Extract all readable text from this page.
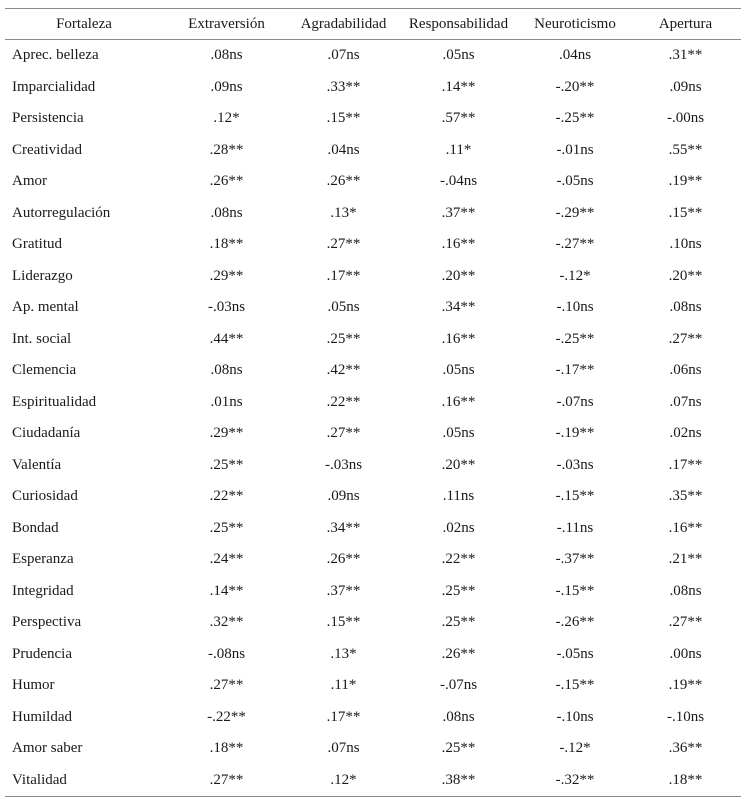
Fortaleza	Extraversión	Agradabilidad	Responsabilidad	Neuroticismo	Apertura
Aprec. belleza	.08ns	.07ns	.05ns	.04ns	.31**
Imparcialidad	.09ns	.33**	.14**	-.20**	.09ns
Persistencia	.12*	.15**	.57**	-.25**	-.00ns
Creatividad	.28**	.04ns	.11*	-.01ns	.55**
Amor	.26**	.26**	-.04ns	-.05ns	.19**
Autorregulación	.08ns	.13*	.37**	-.29**	.15**
Gratitud	.18**	.27**	.16**	-.27**	.10ns
Liderazgo	.29**	.17**	.20**	-.12*	.20**
Ap. mental	-.03ns	.05ns	.34**	-.10ns	.08ns
Int. social	.44**	.25**	.16**	-.25**	.27**
Clemencia	.08ns	.42**	.05ns	-.17**	.06ns
Espiritualidad	.01ns	.22**	.16**	-.07ns	.07ns
Ciudadanía	.29**	.27**	.05ns	-.19**	.02ns
Valentía	.25**	-.03ns	.20**	-.03ns	.17**
Curiosidad	.22**	.09ns	.11ns	-.15**	.35**
Bondad	.25**	.34**	.02ns	-.11ns	.16**
Esperanza	.24**	.26**	.22**	-.37**	.21**
Integridad	.14**	.37**	.25**	-.15**	.08ns
Perspectiva	.32**	.15**	.25**	-.26**	.27**
Prudencia	-.08ns	.13*	.26**	-.05ns	.00ns
Humor	.27**	.11*	-.07ns	-.15**	.19**
Humildad	-.22**	.17**	.08ns	-.10ns	-.10ns
Amor saber	.18**	.07ns	.25**	-.12*	.36**
Vitalidad	.27**	.12*	.38**	-.32**	.18**
